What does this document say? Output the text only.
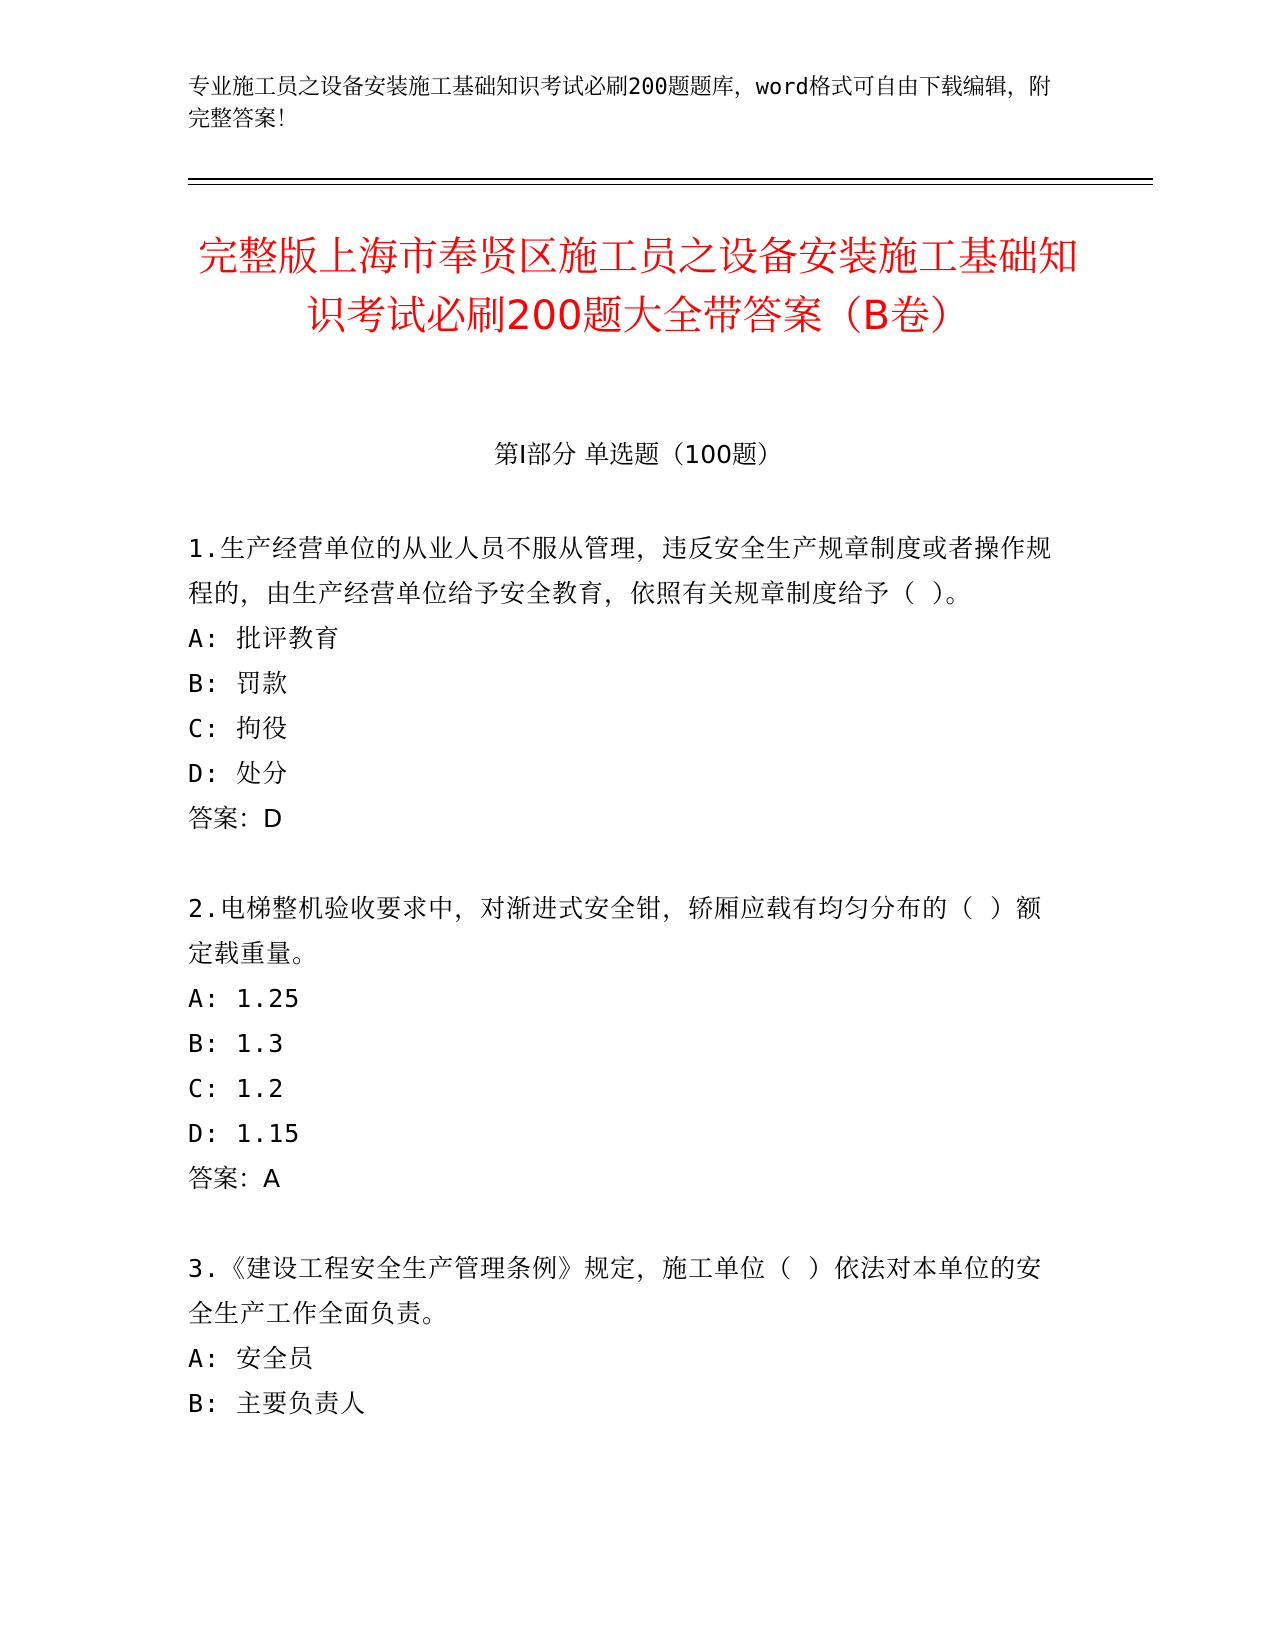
专业施工员之设备安装施工基础知识考试必刷200题题库，word格式可自由下载编辑，附完整答案！
完整版上海市奉贤区施工员之设备安装施工基础知识考试必刷200题大全带答案（B卷）
第Ⅰ部分 单选题（100题）
1.生产经营单位的从业人员不服从管理，违反安全生产规章制度或者操作规程的，由生产经营单位给予安全教育，依照有关规章制度给予（ ）。
A: 批评教育
B: 罚款
C: 拘役
D: 处分
答案：D
2.电梯整机验收要求中，对渐进式安全钳，轿厢应载有均匀分布的（ ）额定载重量。
A: 1.25
B: 1.3
C: 1.2
D: 1.15
答案：A
3.《建设工程安全生产管理条例》规定，施工单位（ ）依法对本单位的安全生产工作全面负责。
A: 安全员
B: 主要负责人
